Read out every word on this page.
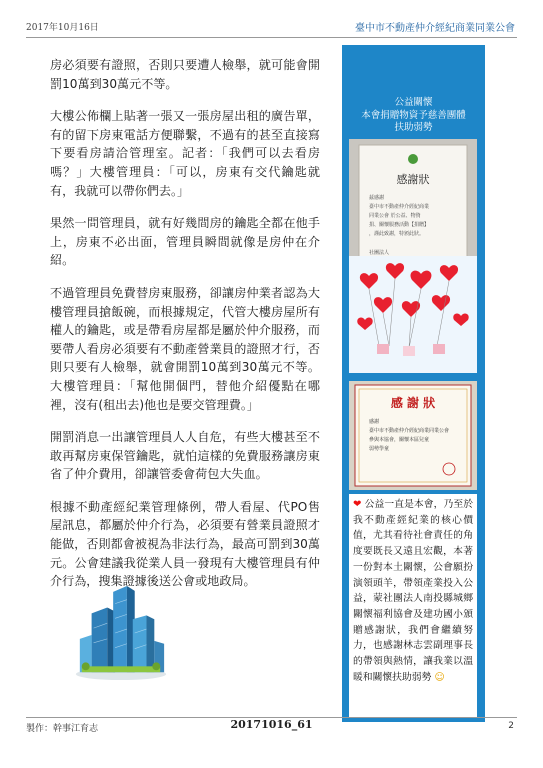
2017年10月16日	臺中市不動產仲介經紀商業同業公會

房必須要有證照，否則只要遭人檢舉，就可能會開罰10萬到30萬元不等。

大樓公佈欄上貼著一張又一張房屋出租的廣告單，有的留下房東電話方便聯繫，不過有的甚至直接寫下要看房請洽管理室。記者：「我們可以去看房嗎？」大樓管理員：「可以，房東有交代鑰匙就有，我就可以帶你們去。」

果然一問管理員，就有好幾間房的鑰匙全都在他手上，房東不必出面，管理員瞬間就像是房仲在介紹。

不過管理員免費替房東服務，卻讓房仲業者認為大樓管理員搶飯碗，而根據規定，代管大樓房屋所有權人的鑰匙，或是帶看房屋都是屬於仲介服務，而要帶人看房必須要有不動產營業員的證照才行，否則只要有人檢舉，就會開罰10萬到30萬元不等。大樓管理員：「幫他開個門，替他介紹優點在哪裡，沒有(租出去)他也是要交管理費。」

開罰消息一出讓管理員人人自危，有些大樓甚至不敢再幫房東保管鑰匙，就怕這樣的免費服務讓房東省了仲介費用，卻讓管委會荷包大失血。

根據不動產經紀業管理條例，帶人看屋、代PO售屋訊息，都屬於仲介行為，必須要有營業員證照才能做，否則都會被視為非法行為，最高可罰到30萬元。公會建議我從業人員一發現有大樓管理員有仲介行為，搜集證據後送公會或地政局。

公益關懷
本會捐贈物資予慈善團體
扶助弱勢
感謝狀
茲感謝
臺中市不動產仲介經紀商業
同業公會 於公益、物資
捐、關懷服務活動【捐贈】
，謹此致謝，特頒此狀。
社團法人
感 謝 狀
感謝
臺中市不動產仲介經紀商業同業公會
參與本協會，關懷本區兒童
弱勢學童
❤ 公益一直是本會，乃至於我不動產經紀業的核心價值，尤其看待社會責任的角度要既長又遠且宏觀，本著一份對本土關懷，公會願扮演領頭羊，帶領產業投入公益，蒙社團法人南投縣城鄉關懷福利協會及建功國小頒贈感謝狀，我們會繼續努力，也感謝林志雲副理事長的帶領與熱情，讓我業以溫暖和關懷扶助弱勢 ☺
製作：幹事江育志	20171016_61	2
